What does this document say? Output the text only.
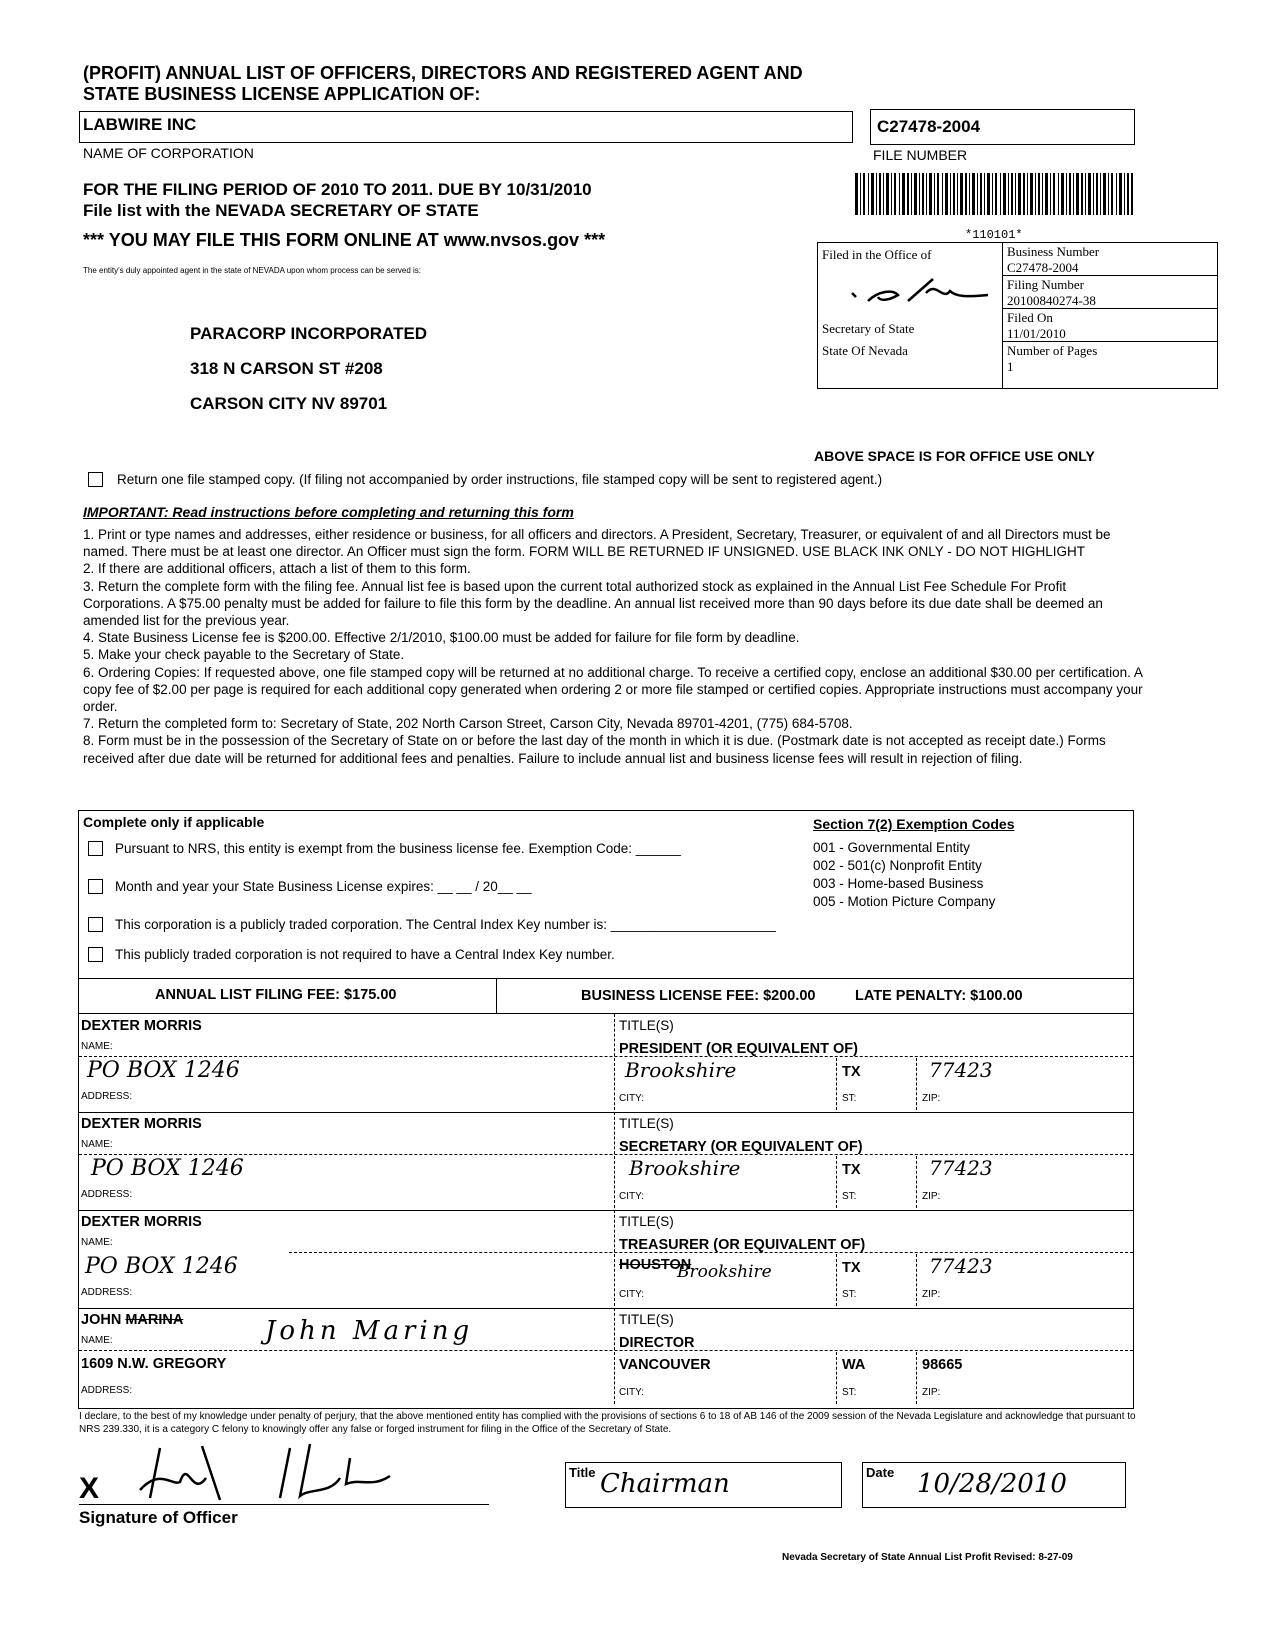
(PROFIT) ANNUAL LIST OF OFFICERS, DIRECTORS AND REGISTERED AGENT AND
STATE BUSINESS LICENSE APPLICATION OF:
LABWIRE INC
NAME OF CORPORATION
C27478-2004
FILE NUMBER
FOR THE FILING PERIOD OF 2010 TO 2011. DUE BY 10/31/2010
File list with the NEVADA SECRETARY OF STATE
*** YOU MAY FILE THIS FORM ONLINE AT www.nvsos.gov ***
The entity's duly appointed agent in the state of NEVADA upon whom process can be served is:
*110101*
Filed in the Office of
Secretary of State
State Of Nevada
Business Number
C27478-2004
Filing Number
20100840274-38
Filed On
11/01/2010
Number of Pages
1
PARACORP INCORPORATED
318 N CARSON ST #208
CARSON CITY NV 89701
ABOVE SPACE IS FOR OFFICE USE ONLY
Return one file stamped copy. (If filing not accompanied by order instructions, file stamped copy will be sent to registered agent.)
IMPORTANT: Read instructions before completing and returning this form
1. Print or type names and addresses, either residence or business, for all officers and directors. A President, Secretary, Treasurer, or equivalent of and all Directors must be named. There must be at least one director. An Officer must sign the form. FORM WILL BE RETURNED IF UNSIGNED. USE BLACK INK ONLY - DO NOT HIGHLIGHT
2. If there are additional officers, attach a list of them to this form.
3. Return the complete form with the filing fee. Annual list fee is based upon the current total authorized stock as explained in the Annual List Fee Schedule For Profit Corporations. A $75.00 penalty must be added for failure to file this form by the deadline. An annual list received more than 90 days before its due date shall be deemed an amended list for the previous year.
4. State Business License fee is $200.00. Effective 2/1/2010, $100.00 must be added for failure for file form by deadline.
5. Make your check payable to the Secretary of State.
6. Ordering Copies: If requested above, one file stamped copy will be returned at no additional charge. To receive a certified copy, enclose an additional $30.00 per certification. A copy fee of $2.00 per page is required for each additional copy generated when ordering 2 or more file stamped or certified copies. Appropriate instructions must accompany your order.
7. Return the completed form to: Secretary of State, 202 North Carson Street, Carson City, Nevada 89701-4201, (775) 684-5708.
8. Form must be in the possession of the Secretary of State on or before the last day of the month in which it is due. (Postmark date is not accepted as receipt date.) Forms received after due date will be returned for additional fees and penalties. Failure to include annual list and business license fees will result in rejection of filing.
Complete only if applicable
Pursuant to NRS, this entity is exempt from the business license fee. Exemption Code: ______
Month and year your State Business License expires: __ __ / 20__ __
This corporation is a publicly traded corporation. The Central Index Key number is: ______________________
This publicly traded corporation is not required to have a Central Index Key number.
Section 7(2) Exemption Codes
001 - Governmental Entity
002 - 501(c) Nonprofit Entity
003 - Home-based Business
005 - Motion Picture Company
ANNUAL LIST FILING FEE: $175.00	BUSINESS LICENSE FEE: $200.00	LATE PENALTY: $100.00
DEXTER MORRIS
NAME:
PO BOX 1246
ADDRESS:
TITLE(S)
PRESIDENT (OR EQUIVALENT OF)
Brookshire
CITY:
TX
ST:
77423
ZIP:
DEXTER MORRIS
NAME:
PO BOX 1246
ADDRESS:
TITLE(S)
SECRETARY (OR EQUIVALENT OF)
Brookshire
CITY:
TX
ST:
77423
ZIP:
DEXTER MORRIS
NAME:
PO BOX 1246
ADDRESS:
TITLE(S)
TREASURER (OR EQUIVALENT OF)
HOUSTON
Brookshire
CITY:
TX
ST:
77423
ZIP:
JOHN MARINA	John Maring
NAME:
1609 N.W. GREGORY
ADDRESS:
TITLE(S)
DIRECTOR
VANCOUVER
CITY:
WA
ST:
98665
ZIP:
I declare, to the best of my knowledge under penalty of perjury, that the above mentioned entity has complied with the provisions of sections 6 to 18 of AB 146 of the 2009 session of the Nevada Legislature and acknowledge that pursuant to NRS 239.330, it is a category C felony to knowingly offer any false or forged instrument for filing in the Office of the Secretary of State.
X
Signature of Officer
Title Chairman	Date 10/28/2010
Nevada Secretary of State Annual List Profit Revised: 8-27-09
